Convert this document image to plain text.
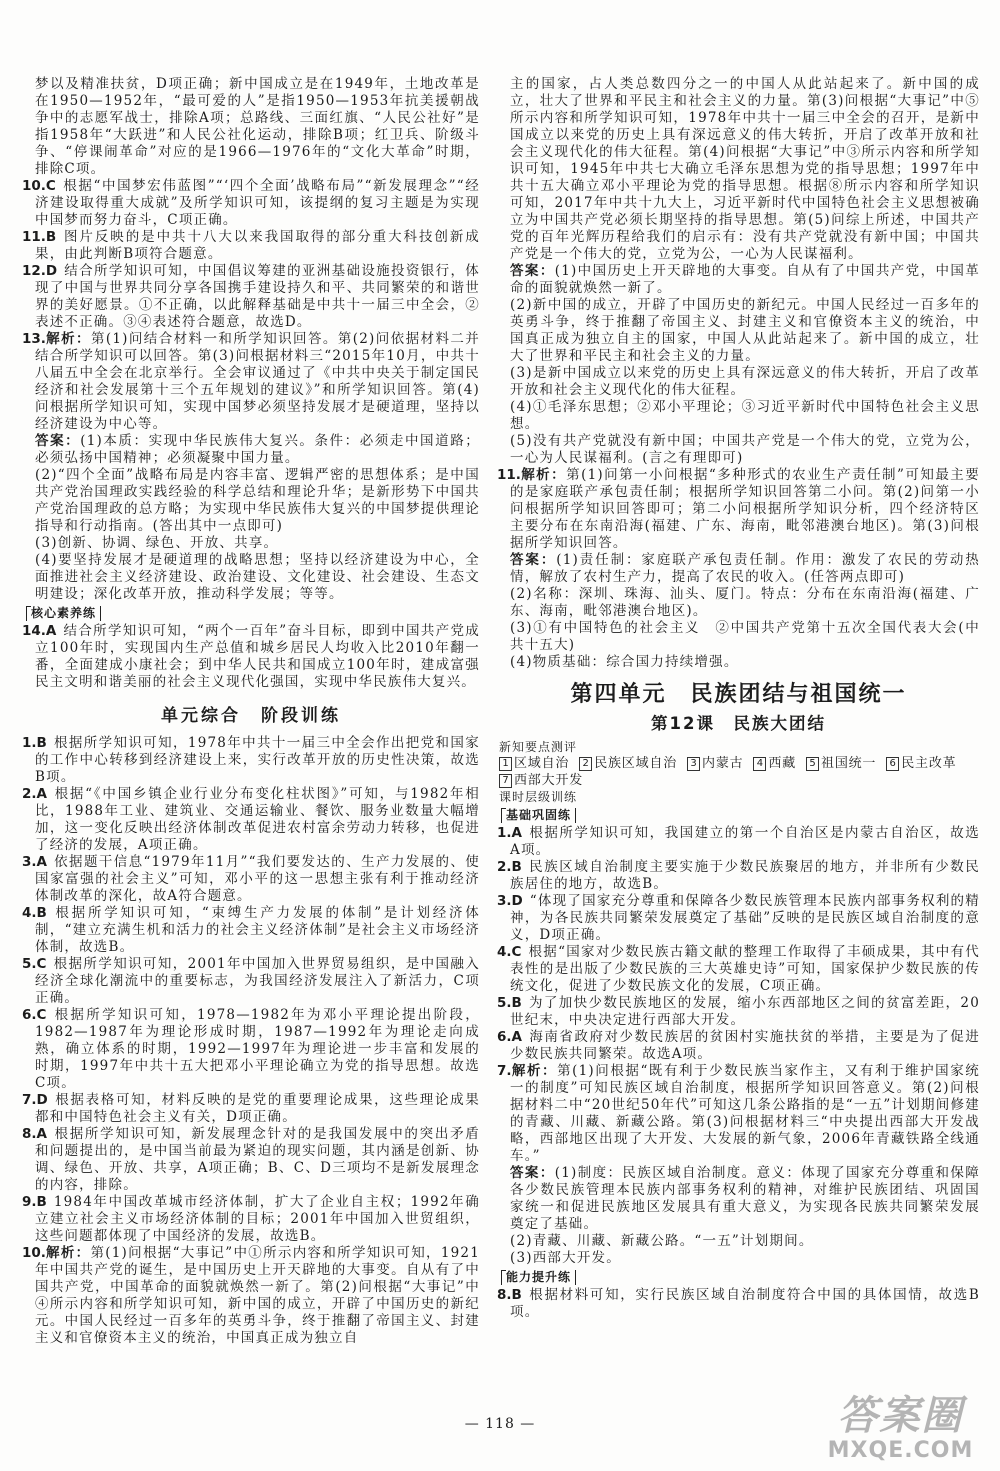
梦以及精准扶贫，D项正确；新中国成立是在1949年，土地改革是在1950—1952年，“最可爱的人”是指1950—1953年抗美援朝战争中的志愿军战士，排除A项；总路线、三面红旗、“人民公社好”是指1958年“大跃进”和人民公社化运动，排除B项；红卫兵、阶级斗争、“停课闹革命”对应的是1966—1976年的“文化大革命”时期，排除C项。
10.C 根据“中国梦宏伟蓝图”“‘四个全面’战略布局”“新发展理念”“经济建设取得重大成就”及所学知识可知，该提纲的复习主题是为实现中国梦而努力奋斗，C项正确。
11.B 图片反映的是中共十八大以来我国取得的部分重大科技创新成果，由此判断B项符合题意。
12.D 结合所学知识可知，中国倡议筹建的亚洲基础设施投资银行，体现了中国与世界共同分享各国携手建设持久和平、共同繁荣的和谐世界的美好愿景。①不正确，以此解释基础是中共十一届三中全会，②表述不正确。③④表述符合题意，故选D。
13.解析：第(1)问结合材料一和所学知识回答。第(2)问依据材料二并结合所学知识可以回答。第(3)问根据材料三“2015年10月，中共十八届五中全会在北京举行。全会审议通过了《中共中央关于制定国民经济和社会发展第十三个五年规划的建议》”和所学知识回答。第(4)问根据所学知识可知，实现中国梦必须坚持发展才是硬道理，坚持以经济建设为中心等。
答案：(1)本质：实现中华民族伟大复兴。条件：必须走中国道路；必须弘扬中国精神；必须凝聚中国力量。
(2)“四个全面”战略布局是内容丰富、逻辑严密的思想体系；是中国共产党治国理政实践经验的科学总结和理论升华；是新形势下中国共产党治国理政的总方略；为实现中华民族伟大复兴的中国梦提供理论指导和行动指南。(答出其中一点即可)
(3)创新、协调、绿色、开放、共享。
(4)要坚持发展才是硬道理的战略思想；坚持以经济建设为中心，全面推进社会主义经济建设、政治建设、文化建设、社会建设、生态文明建设；深化改革开放，推动科学发展；等等。
核心素养练
14.A 结合所学知识可知，“两个一百年”奋斗目标，即到中国共产党成立100年时，实现国内生产总值和城乡居民人均收入比2010年翻一番，全面建成小康社会；到中华人民共和国成立100年时，建成富强民主文明和谐美丽的社会主义现代化强国，实现中华民族伟大复兴。
单元综合　阶段训练
1.B 根据所学知识可知，1978年中共十一届三中全会作出把党和国家的工作中心转移到经济建设上来，实行改革开放的历史性决策，故选B项。
2.A 根据“《中国乡镇企业行业分布变化柱状图》”可知，与1982年相比，1988年工业、建筑业、交通运输业、餐饮、服务业数量大幅增加，这一变化反映出经济体制改革促进农村富余劳动力转移，也促进了经济的发展，A项正确。
3.A 依据题干信息“1979年11月”“我们要发达的、生产力发展的、使国家富强的社会主义”可知，邓小平的这一思想主张有利于推动经济体制改革的深化，故A符合题意。
4.B 根据所学知识可知，“束缚生产力发展的体制”是计划经济体制，“建立充满生机和活力的社会主义经济体制”是社会主义市场经济体制，故选B。
5.C 根据所学知识可知，2001年中国加入世界贸易组织，是中国融入经济全球化潮流中的重要标志，为我国经济发展注入了新活力，C项正确。
6.C 根据所学知识可知，1978—1982年为邓小平理论提出阶段，1982—1987年为理论形成时期，1987—1992年为理论走向成熟，确立体系的时期，1992—1997年为理论进一步丰富和发展的时期，1997年中共十五大把邓小平理论确立为党的指导思想。故选C项。
7.D 根据表格可知，材料反映的是党的重要理论成果，这些理论成果都和中国特色社会主义有关，D项正确。
8.A 根据所学知识可知，新发展理念针对的是我国发展中的突出矛盾和问题提出的，是中国当前最为紧迫的现实问题，其内涵是创新、协调、绿色、开放、共享，A项正确；B、C、D三项均不是新发展理念的内容，排除。
9.B 1984年中国改革城市经济体制，扩大了企业自主权；1992年确立建立社会主义市场经济体制的目标；2001年中国加入世贸组织，这些问题都体现了中国经济的发展，故选B。
10.解析：第(1)问根据“大事记”中①所示内容和所学知识可知，1921年中国共产党的诞生，是中国历史上开天辟地的大事变。自从有了中国共产党，中国革命的面貌就焕然一新了。第(2)问根据“大事记”中④所示内容和所学知识可知，新中国的成立，开辟了中国历史的新纪元。中国人民经过一百多年的英勇斗争，终于推翻了帝国主义、封建主义和官僚资本主义的统治，中国真正成为独立自
主的国家，占人类总数四分之一的中国人从此站起来了。新中国的成立，壮大了世界和平民主和社会主义的力量。第(3)问根据“大事记”中⑤所示内容和所学知识可知，1978年中共十一届三中全会的召开，是新中国成立以来党的历史上具有深远意义的伟大转折，开启了改革开放和社会主义现代化的伟大征程。第(4)问根据“大事记”中③所示内容和所学知识可知，1945年中共七大确立毛泽东思想为党的指导思想；1997年中共十五大确立邓小平理论为党的指导思想。根据⑧所示内容和所学知识可知，2017年中共十九大上，习近平新时代中国特色社会主义思想被确立为中国共产党必须长期坚持的指导思想。第(5)问综上所述，中国共产党的百年光辉历程给我们的启示有：没有共产党就没有新中国；中国共产党是一个伟大的党，立党为公，一心为人民谋福利。
答案：(1)中国历史上开天辟地的大事变。自从有了中国共产党，中国革命的面貌就焕然一新了。
(2)新中国的成立，开辟了中国历史的新纪元。中国人民经过一百多年的英勇斗争，终于推翻了帝国主义、封建主义和官僚资本主义的统治，中国真正成为独立自主的国家，中国人从此站起来了。新中国的成立，壮大了世界和平民主和社会主义的力量。
(3)是新中国成立以来党的历史上具有深远意义的伟大转折，开启了改革开放和社会主义现代化的伟大征程。
(4)①毛泽东思想；②邓小平理论；③习近平新时代中国特色社会主义思想。
(5)没有共产党就没有新中国；中国共产党是一个伟大的党，立党为公，一心为人民谋福利。(言之有理即可)
11.解析：第(1)问第一小问根据“多种形式的农业生产责任制”可知最主要的是家庭联产承包责任制；根据所学知识回答第二小问。第(2)问第一小问根据所学知识回答即可；第二小问根据所学知识分析，四个经济特区主要分布在东南沿海(福建、广东、海南，毗邻港澳台地区)。第(3)问根据所学知识回答。
答案：(1)责任制：家庭联产承包责任制。作用：激发了农民的劳动热情，解放了农村生产力，提高了农民的收入。(任答两点即可)
(2)名称：深圳、珠海、汕头、厦门。特点：分布在东南沿海(福建、广东、海南，毗邻港澳台地区)。
(3)①有中国特色的社会主义　②中国共产党第十五次全国代表大会(中共十五大)
(4)物质基础：综合国力持续增强。
第四单元　民族团结与祖国统一
第12课　民族大团结
新知要点测评
1 区域自治	2 民族区域自治	3 内蒙古	4 西藏	5 祖国统一	6 民主改革
7 西部大开发
课时层级训练
基础巩固练
1.A 根据所学知识可知，我国建立的第一个自治区是内蒙古自治区，故选A项。
2.B 民族区域自治制度主要实施于少数民族聚居的地方，并非所有少数民族居住的地方，故选B。
3.D “体现了国家充分尊重和保障各少数民族管理本民族内部事务权利的精神，为各民族共同繁荣发展奠定了基础”反映的是民族区域自治制度的意义，D项正确。
4.C 根据“国家对少数民族古籍文献的整理工作取得了丰硕成果，其中有代表性的是出版了少数民族的三大英雄史诗”可知，国家保护少数民族的传统文化，促进了少数民族文化的发展，C项正确。
5.B 为了加快少数民族地区的发展，缩小东西部地区之间的贫富差距，20世纪末，中央决定进行西部大开发。
6.A 海南省政府对少数民族居的贫困村实施扶贫的举措，主要是为了促进少数民族共同繁荣。故选A项。
7.解析：第(1)问根据“既有利于少数民族当家作主，又有利于维护国家统一的制度”可知民族区域自治制度，根据所学知识回答意义。第(2)问根据材料二中“20世纪50年代”可知这几条公路指的是“一五”计划期间修建的青藏、川藏、新藏公路。第(3)问根据材料三“中央提出西部大开发战略，西部地区出现了大开发、大发展的新气象，2006年青藏铁路全线通车。”
答案：(1)制度：民族区域自治制度。意义：体现了国家充分尊重和保障各少数民族管理本民族内部事务权利的精神，对维护民族团结、巩固国家统一和促进民族地区发展具有重大意义，为实现各民族共同繁荣发展奠定了基础。
(2)青藏、川藏、新藏公路。“一五”计划期间。
(3)西部大开发。
能力提升练
8.B 根据材料可知，实行民族区域自治制度符合中国的具体国情，故选B项。
— 118 —	答案圈
MXQE.COM
